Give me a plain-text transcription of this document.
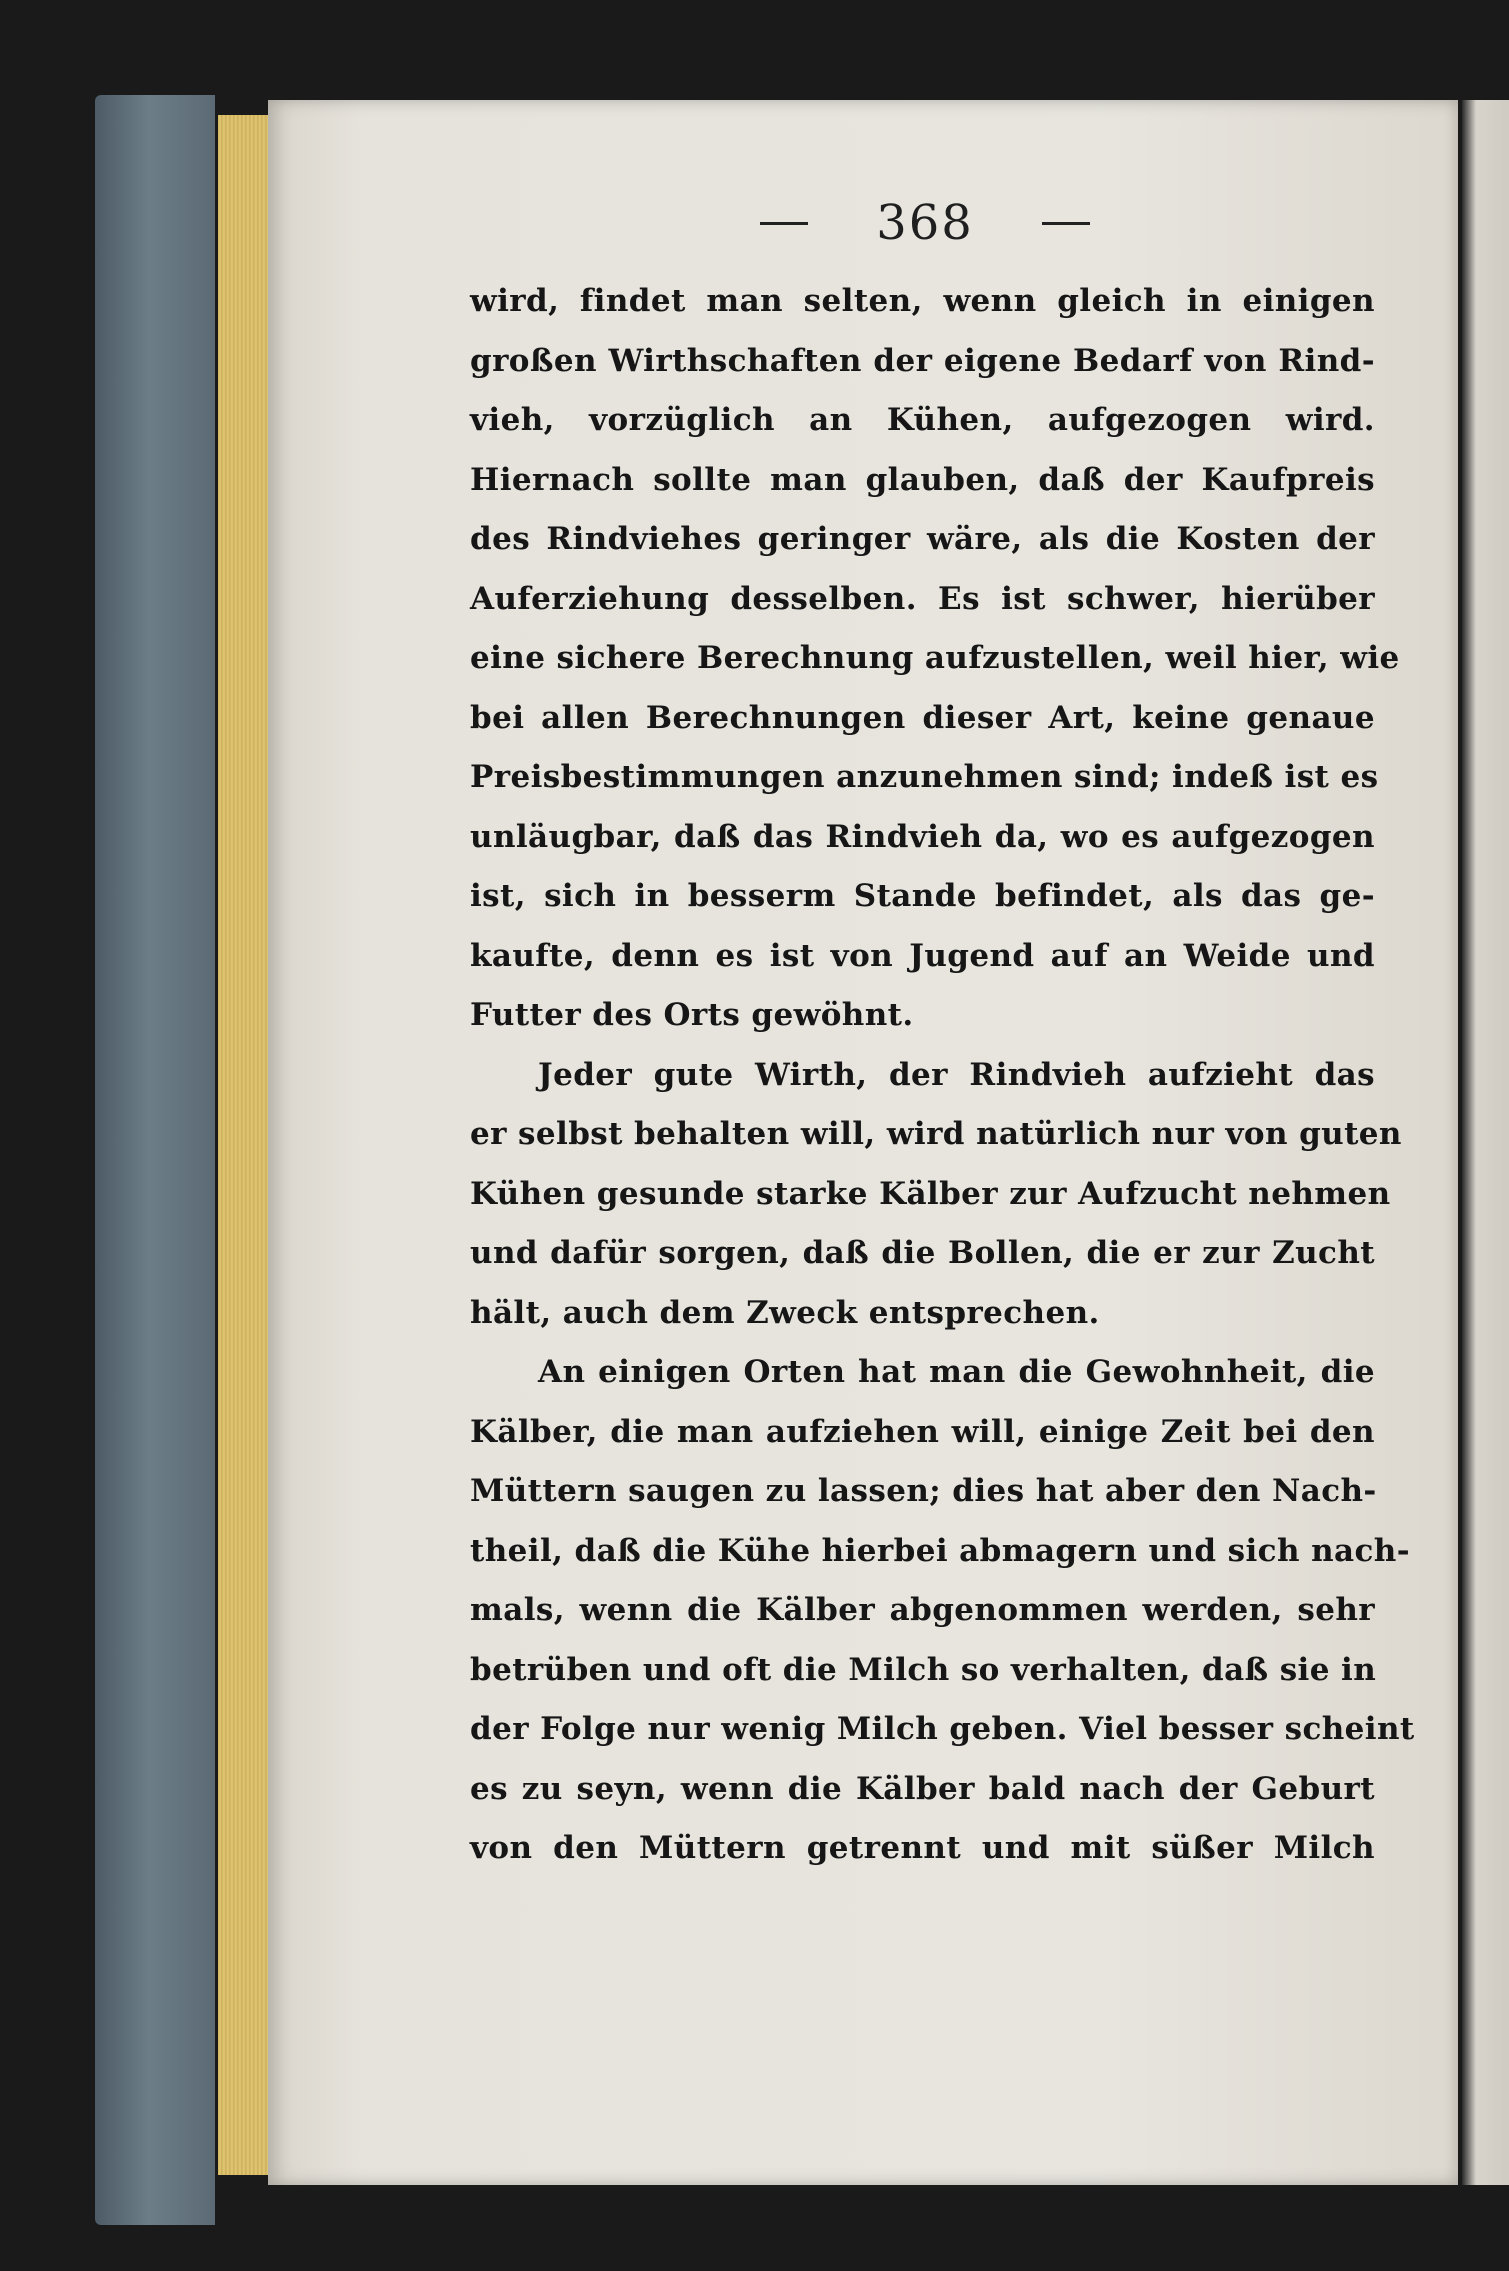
368
wird, findet man selten, wenn gleich in einigen
großen Wirthschaften der eigene Bedarf von Rind-
vieh, vorzüglich an Kühen, aufgezogen wird.
Hiernach sollte man glauben, daß der Kaufpreis
des Rindviehes geringer wäre, als die Kosten der
Auferziehung desselben. Es ist schwer, hierüber
eine sichere Berechnung aufzustellen, weil hier, wie
bei allen Berechnungen dieser Art, keine genaue
Preisbestimmungen anzunehmen sind; indeß ist es
unläugbar, daß das Rindvieh da, wo es aufgezogen
ist, sich in besserm Stande befindet, als das ge-
kaufte, denn es ist von Jugend auf an Weide und
Futter des Orts gewöhnt.
Jeder gute Wirth, der Rindvieh aufzieht das
er selbst behalten will, wird natürlich nur von guten
Kühen gesunde starke Kälber zur Aufzucht nehmen
und dafür sorgen, daß die Bollen, die er zur Zucht
hält, auch dem Zweck entsprechen.
An einigen Orten hat man die Gewohnheit, die
Kälber, die man aufziehen will, einige Zeit bei den
Müttern saugen zu lassen; dies hat aber den Nach-
theil, daß die Kühe hierbei abmagern und sich nach-
mals, wenn die Kälber abgenommen werden, sehr
betrüben und oft die Milch so verhalten, daß sie in
der Folge nur wenig Milch geben. Viel besser scheint
es zu seyn, wenn die Kälber bald nach der Geburt
von den Müttern getrennt und mit süßer Milch
